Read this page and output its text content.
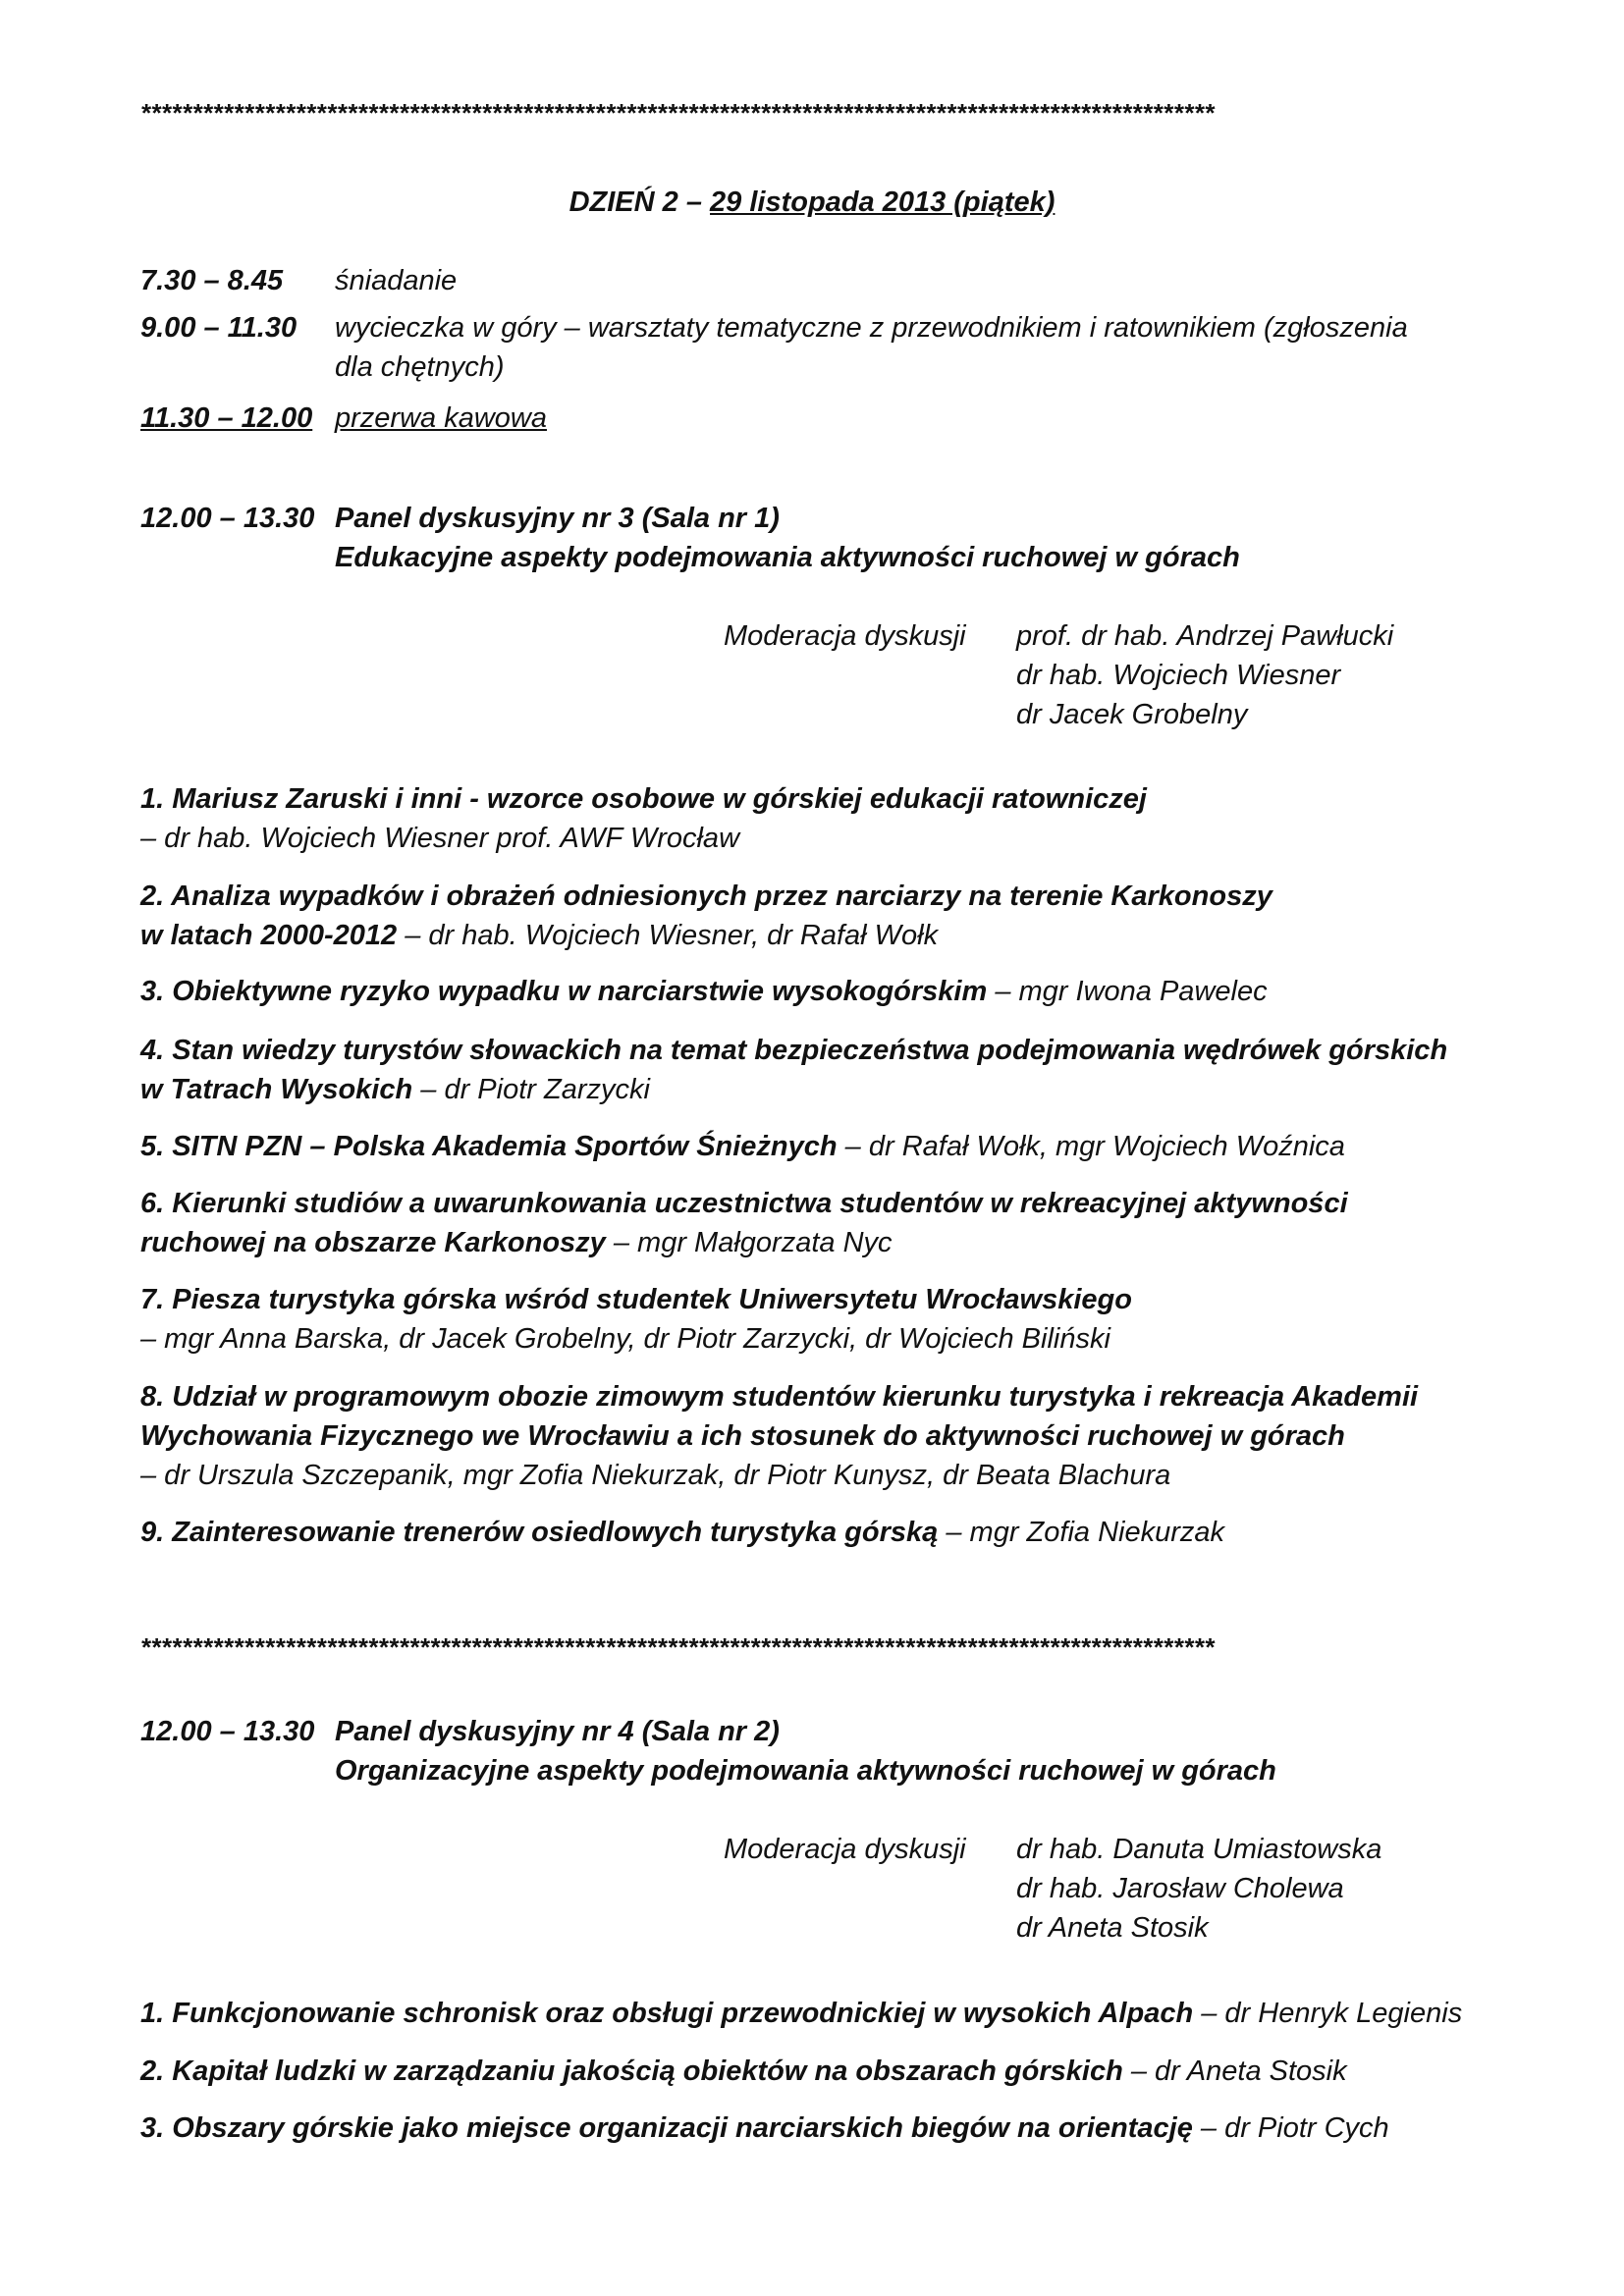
********************************************************************************************************
DZIEŃ 2 – 29 listopada 2013 (piątek)
7.30 – 8.45 śniadanie
9.00 – 11.30 wycieczka w góry – warsztaty tematyczne z przewodnikiem i ratownikiem (zgłoszenia
dla chętnych)
11.30 – 12.00 przerwa kawowa
12.00 – 13.30 Panel dyskusyjny nr 3 (Sala nr 1)
Edukacyjne aspekty podejmowania aktywności ruchowej w górach
Moderacja dyskusji prof. dr hab. Andrzej Pawłucki
dr hab. Wojciech Wiesner
dr Jacek Grobelny
1. Mariusz Zaruski i inni - wzorce osobowe w górskiej edukacji ratowniczej
– dr hab. Wojciech Wiesner prof. AWF Wrocław
2. Analiza wypadków i obrażeń odniesionych przez narciarzy na terenie Karkonoszy
w latach 2000-2012 – dr hab. Wojciech Wiesner, dr Rafał Wołk
3. Obiektywne ryzyko wypadku w narciarstwie wysokogórskim – mgr Iwona Pawelec
4. Stan wiedzy turystów słowackich na temat bezpieczeństwa podejmowania wędrówek górskich
w Tatrach Wysokich – dr Piotr Zarzycki
5. SITN PZN – Polska Akademia Sportów Śnieżnych – dr Rafał Wołk, mgr Wojciech Woźnica
6. Kierunki studiów a uwarunkowania uczestnictwa studentów w rekreacyjnej aktywności
ruchowej na obszarze Karkonoszy – mgr Małgorzata Nyc
7. Piesza turystyka górska wśród studentek Uniwersytetu Wrocławskiego
– mgr Anna Barska, dr Jacek Grobelny, dr Piotr Zarzycki, dr Wojciech Biliński
8. Udział w programowym obozie zimowym studentów kierunku turystyka i rekreacja Akademii
Wychowania Fizycznego we Wrocławiu a ich stosunek do aktywności ruchowej w górach
– dr Urszula Szczepanik, mgr Zofia Niekurzak, dr Piotr Kunysz, dr Beata Blachura
9. Zainteresowanie trenerów osiedlowych turystyka górską – mgr Zofia Niekurzak
********************************************************************************************************
12.00 – 13.30 Panel dyskusyjny nr 4 (Sala nr 2)
Organizacyjne aspekty podejmowania aktywności ruchowej w górach
Moderacja dyskusji dr hab. Danuta Umiastowska
dr hab. Jarosław Cholewa
dr Aneta Stosik
1. Funkcjonowanie schronisk oraz obsługi przewodnickiej w wysokich Alpach – dr Henryk Legienis
2. Kapitał ludzki w zarządzaniu jakością obiektów na obszarach górskich – dr Aneta Stosik
3. Obszary górskie jako miejsce organizacji narciarskich biegów na orientację – dr Piotr Cych
